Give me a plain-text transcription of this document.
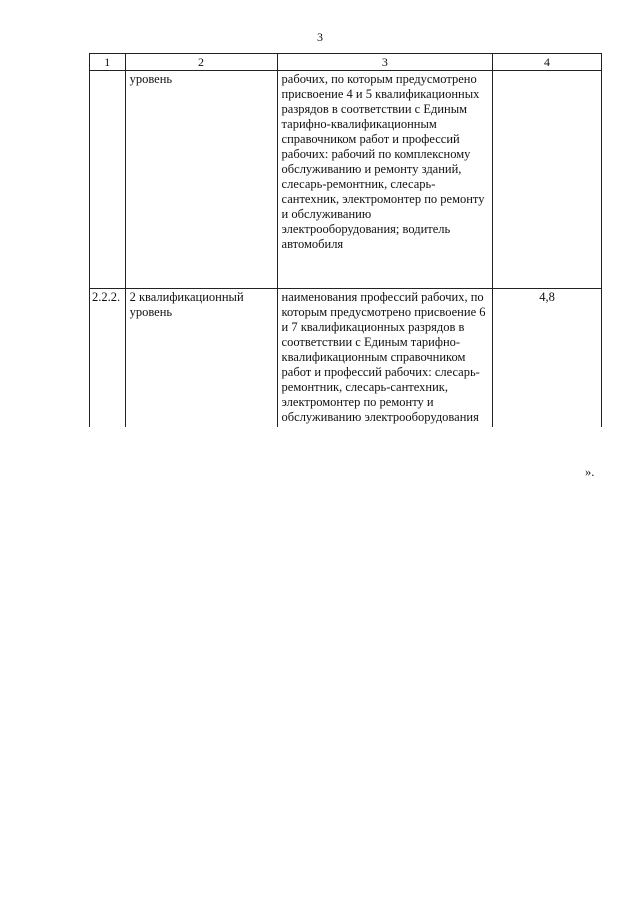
3
1	2	3	4
	уровень	рабочих, по которым предусмотрено присвоение 4 и 5 квалификационных разрядов в соответствии с Единым тарифно-квалификационным справочником работ и профессий рабочих: рабочий по комплексному обслуживанию и ремонту зданий, слесарь-ремонтник, слесарь-сантехник, электромонтер по ремонту и обслуживанию электрооборудования; водитель автомобиля	
2.2.2.	2 квалификационный уровень	наименования профессий рабочих, по которым предусмотрено присвоение 6 и 7 квалификационных разрядов в соответствии с Единым тарифно-квалификационным справочником работ и профессий рабочих: слесарь-ремонтник, слесарь-сантехник, электромонтер по ремонту и обслуживанию электрооборудования	4,8
».
